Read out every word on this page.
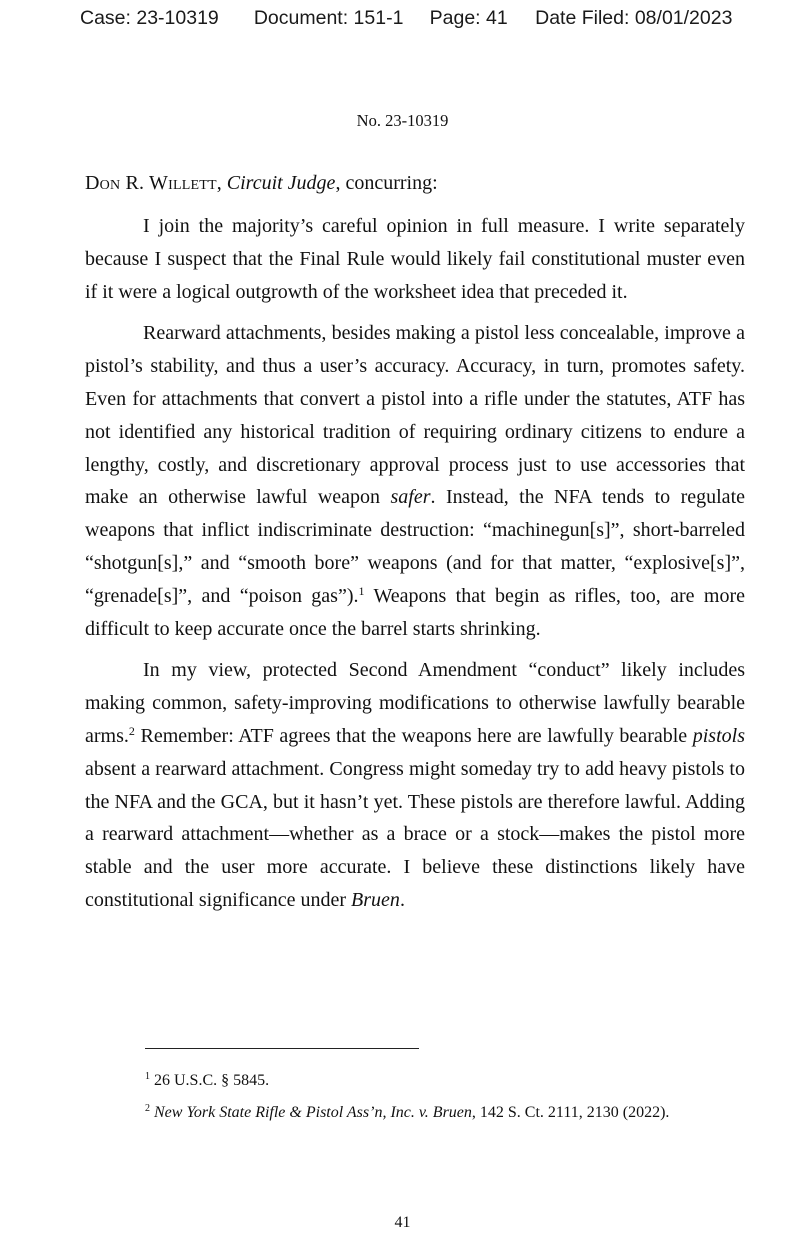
Case: 23-10319	Document: 151-1	Page: 41	Date Filed: 08/01/2023
No. 23-10319
Don R. Willett, Circuit Judge, concurring:

I join the majority’s careful opinion in full measure. I write separately because I suspect that the Final Rule would likely fail constitutional muster even if it were a logical outgrowth of the worksheet idea that preceded it.

Rearward attachments, besides making a pistol less concealable, improve a pistol’s stability, and thus a user’s accuracy. Accuracy, in turn, promotes safety. Even for attachments that convert a pistol into a rifle under the statutes, ATF has not identified any historical tradition of requiring ordinary citizens to endure a lengthy, costly, and discretionary approval process just to use accessories that make an otherwise lawful weapon safer. Instead, the NFA tends to regulate weapons that inflict indiscriminate destruction: “machinegun[s]”, short-barreled “shotgun[s],” and “smooth bore” weapons (and for that matter, “explosive[s]”, “grenade[s]”, and “poison gas”).$^1$ Weapons that begin as rifles, too, are more difficult to keep accurate once the barrel starts shrinking.

In my view, protected Second Amendment “conduct” likely includes making common, safety-improving modifications to otherwise lawfully bearable arms.$^2$ Remember: ATF agrees that the weapons here are lawfully bearable pistols absent a rearward attachment. Congress might someday try to add heavy pistols to the NFA and the GCA, but it hasn’t yet. These pistols are therefore lawful. Adding a rearward attachment—whether as a brace or a stock—makes the pistol more stable and the user more accurate. I believe these distinctions likely have constitutional significance under Bruen.

$^1$ 26 U.S.C. § 5845.
$^2$ New York State Rifle & Pistol Ass’n, Inc. v. Bruen, 142 S. Ct. 2111, 2130 (2022).
41
